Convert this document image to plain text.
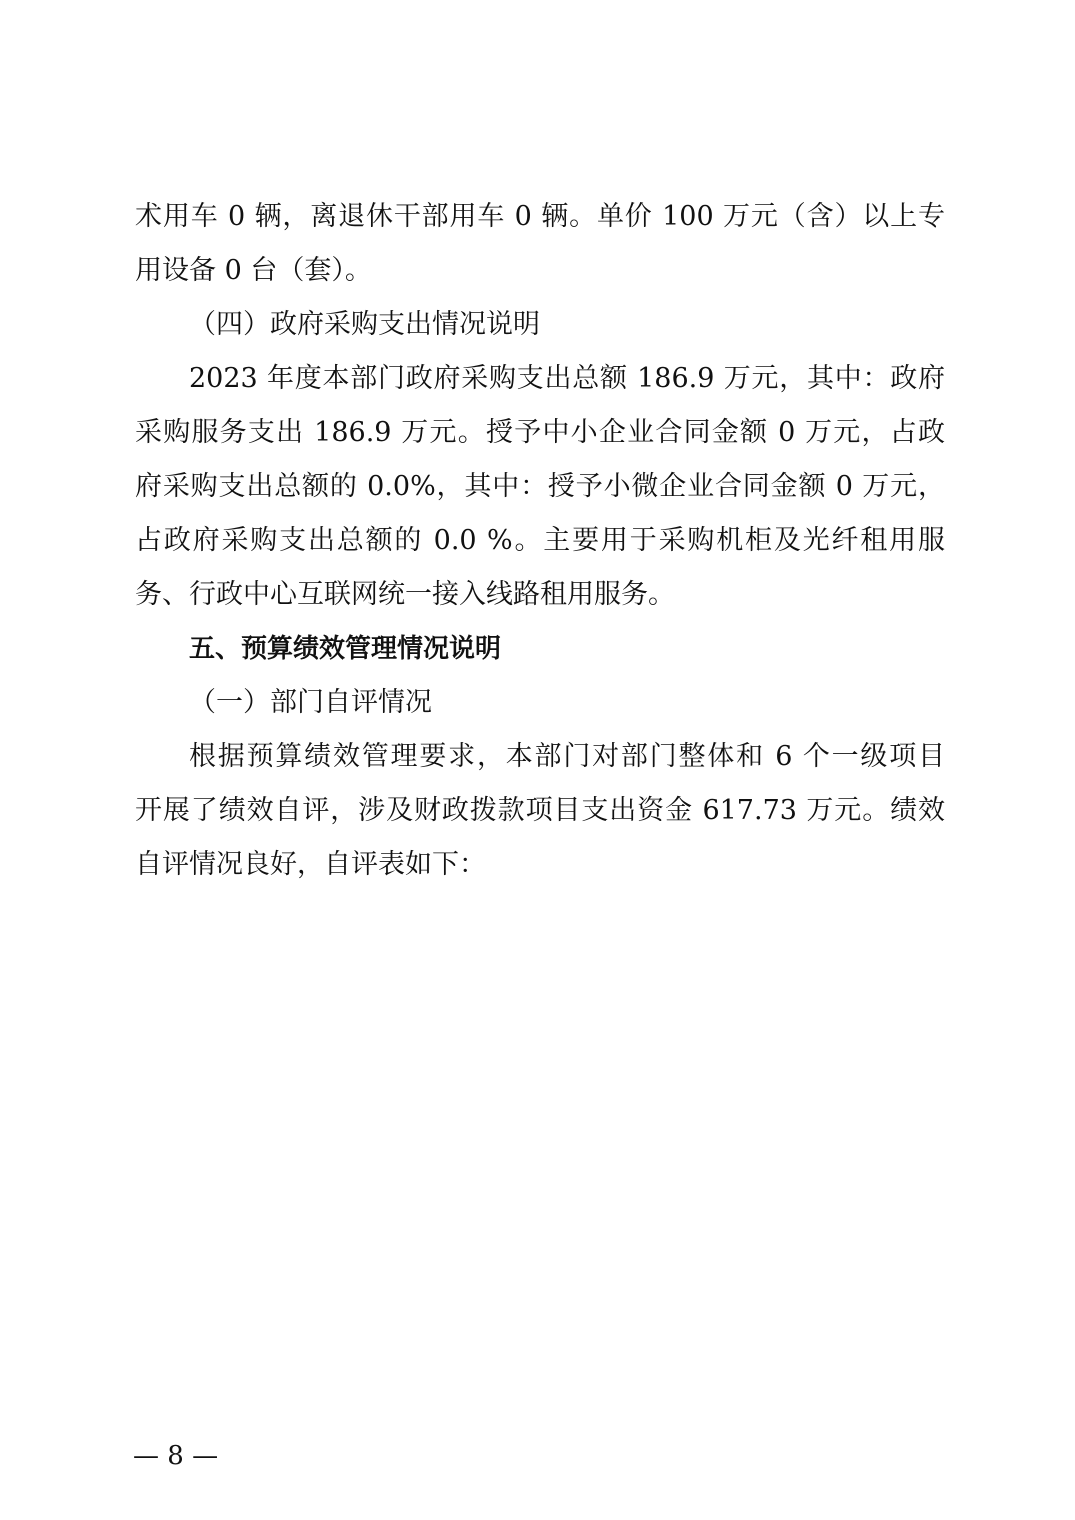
术用车 0 辆，离退休干部用车 0 辆。单价 100 万元（含）以上专
用设备 0 台（套）。
（四）政府采购支出情况说明
2023 年度本部门政府采购支出总额 186.9 万元，其中：政府
采购服务支出 186.9 万元。授予中小企业合同金额 0 万元，占政
府采购支出总额的 0.0%，其中：授予小微企业合同金额 0 万元，
占政府采购支出总额的 0.0 %。主要用于采购机柜及光纤租用服
务、行政中心互联网统一接入线路租用服务。
五、预算绩效管理情况说明
（一）部门自评情况
根据预算绩效管理要求，本部门对部门整体和 6 个一级项目
开展了绩效自评，涉及财政拨款项目支出资金 617.73 万元。绩效
自评情况良好，自评表如下：
— 8 —
